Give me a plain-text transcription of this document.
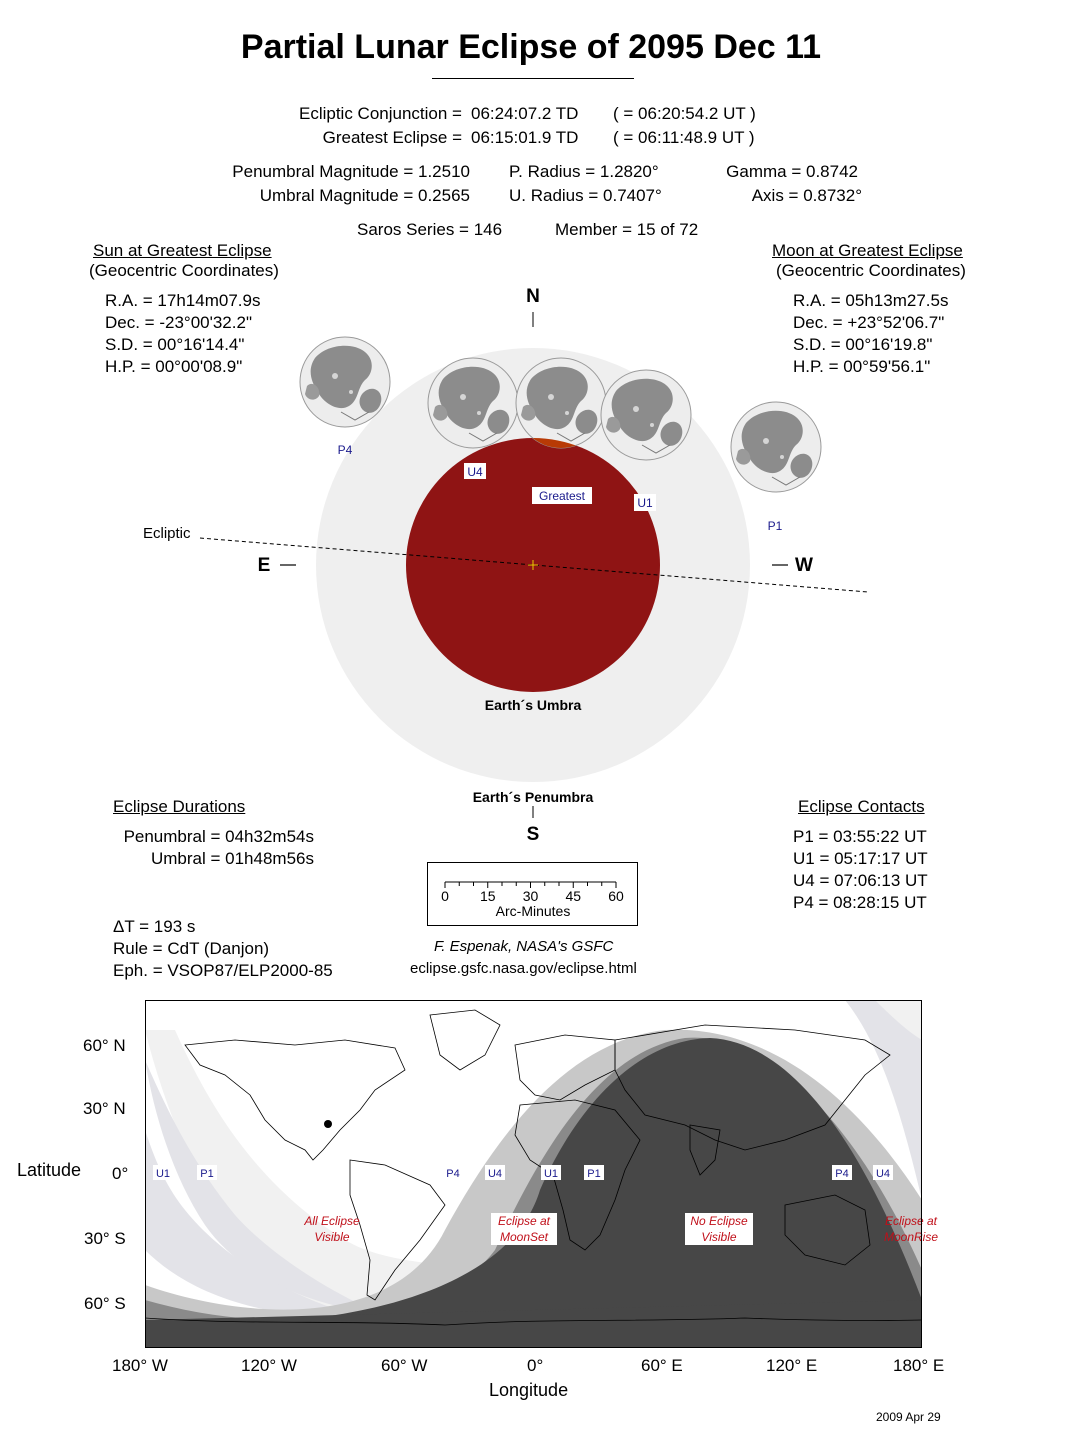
Partial Lunar Eclipse of 2095 Dec 11
Ecliptic Conjunction = 06:24:07.2 TD ( = 06:20:54.2 UT )
Greatest Eclipse = 06:15:01.9 TD ( = 06:11:48.9 UT )
Penumbral Magnitude = 1.2510
Umbral Magnitude = 0.2565
P. Radius = 1.2820°
U. Radius = 0.7407°
Gamma = 0.8742
Axis = 0.8732°
Saros Series = 146	Member = 15 of 72
Sun at Greatest Eclipse
(Geocentric Coordinates)
R.A. = 17h14m07.9s
Dec. = -23°00'32.2"
S.D. = 00°16'14.4"
H.P. = 00°00'08.9"
Moon at Greatest Eclipse
(Geocentric Coordinates)
R.A. = 05h13m27.5s
Dec. = +23°52'06.7"
S.D. = 00°16'19.8"
H.P. = 00°59'56.1"
P4
U4
Greatest	U1
P1
N
S
E	W
Ecliptic
Earth´s Umbra
Earth´s Penumbra
Eclipse Durations
Penumbral = 04h32m54s
Umbral = 01h48m56s
Eclipse Contacts
P1 = 03:55:22 UT
U1 = 05:17:17 UT
U4 = 07:06:13 UT
P4 = 08:28:15 UT
0 15 30 45 60
Arc-Minutes
ΔT = 193 s
Rule = CdT (Danjon)
Eph. = VSOP87/ELP2000-85
F. Espenak, NASA's GSFC
eclipse.gsfc.nasa.gov/eclipse.html
U1	P1	P4	U4	U1	P1	P4 U4
All Eclipse
Visible
Eclipse at
MoonSet
No Eclipse
Visible
Eclipse at
MoonRise
60° N
30° N
0°
30° S
60° S
Latitude
180° W	120° W	60° W	0°	60° E	120° E	180° E
Longitude
2009 Apr 29
